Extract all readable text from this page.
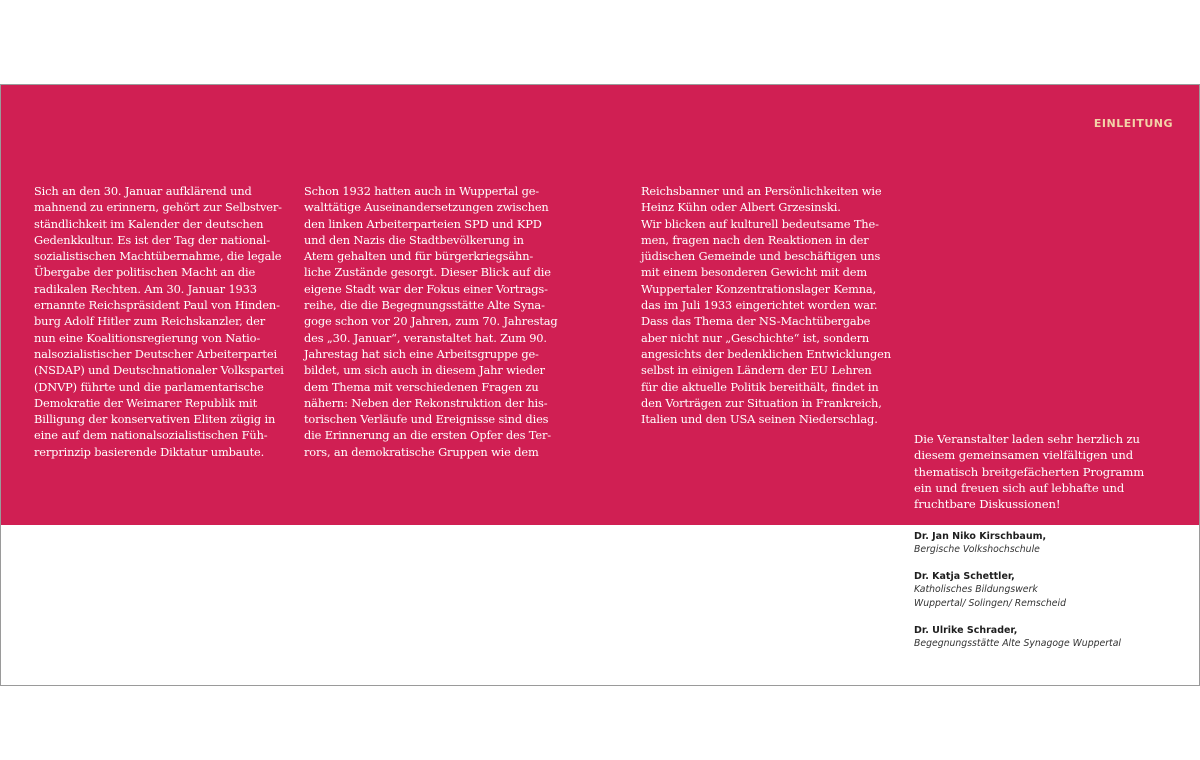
EINLEITUNG
Sich an den 30. Januar aufklärend und
mahnend zu erinnern, gehört zur Selbstver-
ständlichkeit im Kalender der deutschen
Gedenkkultur. Es ist der Tag der national-
sozialistischen Machtübernahme, die legale
Übergabe der politischen Macht an die
radikalen Rechten. Am 30. Januar 1933
ernannte Reichspräsident Paul von Hinden-
burg Adolf Hitler zum Reichskanzler, der
nun eine Koalitionsregierung von Natio-
nalsozialistischer Deutscher Arbeiterpartei
(NSDAP) und Deutschnationaler Volkspartei
(DNVP) führte und die parlamentarische
Demokratie der Weimarer Republik mit
Billigung der konservativen Eliten zügig in
eine auf dem nationalsozialistischen Füh-
rerprinzip basierende Diktatur umbaute.
Schon 1932 hatten auch in Wuppertal ge-
walttätige Auseinandersetzungen zwischen
den linken Arbeiterparteien SPD und KPD
und den Nazis die Stadtbevölkerung in
Atem gehalten und für bürgerkriegsähn-
liche Zustände gesorgt. Dieser Blick auf die
eigene Stadt war der Fokus einer Vortrags-
reihe, die die Begegnungsstätte Alte Syna-
goge schon vor 20 Jahren, zum 70. Jahrestag
des „30. Januar“, veranstaltet hat. Zum 90.
Jahrestag hat sich eine Arbeitsgruppe ge-
bildet, um sich auch in diesem Jahr wieder
dem Thema mit verschiedenen Fragen zu
nähern: Neben der Rekonstruktion der his-
torischen Verläufe und Ereignisse sind dies
die Erinnerung an die ersten Opfer des Ter-
rors, an demokratische Gruppen wie dem
Reichsbanner und an Persönlichkeiten wie
Heinz Kühn oder Albert Grzesinski.
Wir blicken auf kulturell bedeutsame The-
men, fragen nach den Reaktionen in der
jüdischen Gemeinde und beschäftigen uns
mit einem besonderen Gewicht mit dem
Wuppertaler Konzentrationslager Kemna,
das im Juli 1933 eingerichtet worden war.
Dass das Thema der NS-Machtübergabe
aber nicht nur „Geschichte“ ist, sondern
angesichts der bedenklichen Entwicklungen
selbst in einigen Ländern der EU Lehren
für die aktuelle Politik bereithält, findet in
den Vorträgen zur Situation in Frankreich,
Italien und den USA seinen Niederschlag.
Die Veranstalter laden sehr herzlich zu
diesem gemeinsamen vielfältigen und
thematisch breitgefächerten Programm
ein und freuen sich auf lebhafte und
fruchtbare Diskussionen!
Dr. Jan Niko Kirschbaum,
Bergische Volkshochschule
Dr. Katja Schettler,
Katholisches Bildungswerk
Wuppertal/ Solingen/ Remscheid
Dr. Ulrike Schrader,
Begegnungsstätte Alte Synagoge Wuppertal
